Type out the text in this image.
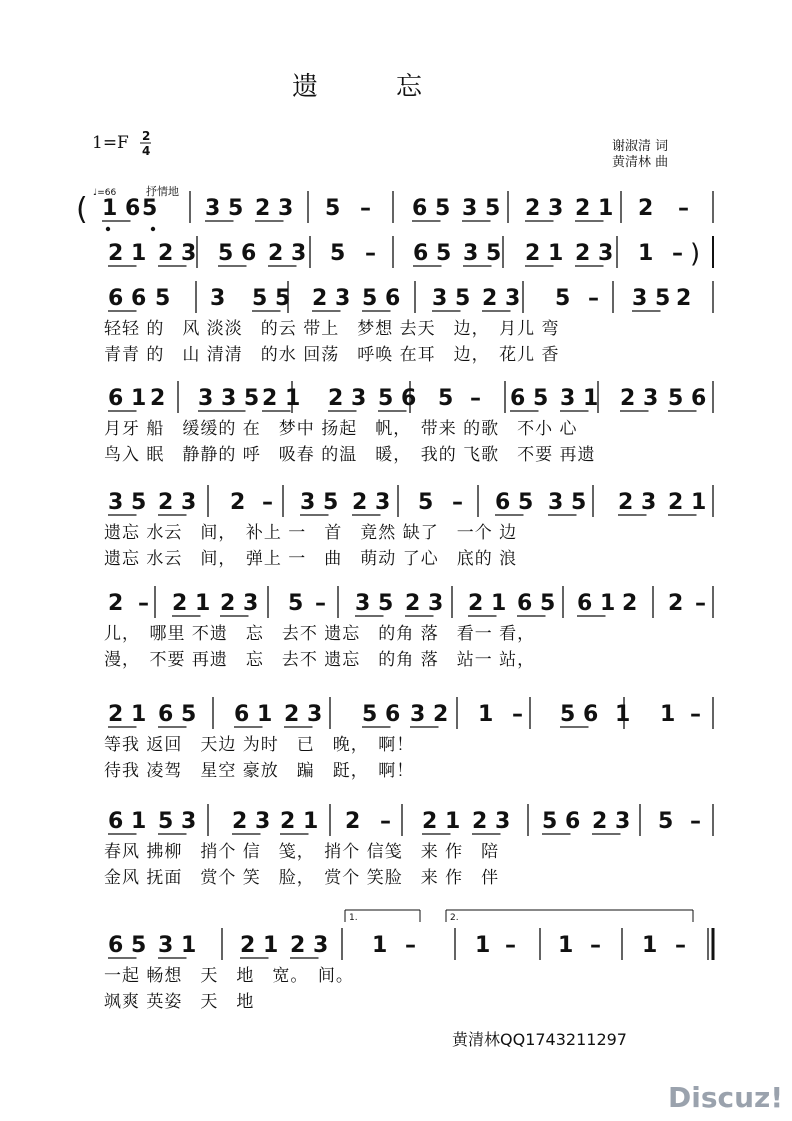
遗　　　忘
1=F 2
4	谢淑清 词
黄清林 曲
♩=66	抒情地
黄清林QQ1743211297
Discuz!
1 6 5 3 5 2 3 5 – 6 5 3 5 2 3 2 1 2 –
2 1 2 3 5 6 2 3 5 – 6 5 3 5 2 1 2 3 1 –
6 6 5 3 5 5 2 3 5 6 3 5 2 3 5 – 3 5 2
轻轻 的　风 淡淡　的云 带上　梦想 去天　边，　月儿 弯
青青 的　山 清清　的水 回荡　呼唤 在耳　边，　花儿 香
6 1 2 3 3 5 2 1 2 3 5 6 5 – 6 5 3 1 2 3 5 6
月牙 船　缓缓的 在　梦中 扬起　帆，　带来 的歌　不小 心
鸟入 眠　静静的 呼　吸春 的温　暖，　我的 飞歌　不要 再遗
3 5 2 3 2 – 3 5 2 3 5 – 6 5 3 5 2 3 2 1
遗忘 水云　间，　补上 一　首　竟然 缺了　一个 边
遗忘 水云　间，　弹上 一　曲　萌动 了心　底的 浪
2 – 2 1 2 3 5 – 3 5 2 3 2 1 6 5 6 1 2 2 –
儿，　哪里 不遗　忘　去不 遗忘　的角 落　看一 看，
漫，　不要 再遗　忘　去不 遗忘　的角 落　站一 站，
2 1 6 5 6 1 2 3 5 6 3 2 1 – 5 6 1 1 –
等我 返回　天边 为时　已　晚，　啊！
待我 凌驾　星空 豪放　蹁　跹，　啊！
6 1 5 3 2 3 2 1 2 – 2 1 2 3 5 6 2 3 5 –
春风 拂柳　捎个 信　笺，　捎个 信笺　来 作　陪
金风 抚面　赏个 笑　脸，　赏个 笑脸　来 作　伴
6 5 3 1 2 1 2 3 1 –	1 – 1 – 1 –
一起 畅想　天　地　宽。　间。
飒爽 英姿　天　地
(
)
1.	2.
